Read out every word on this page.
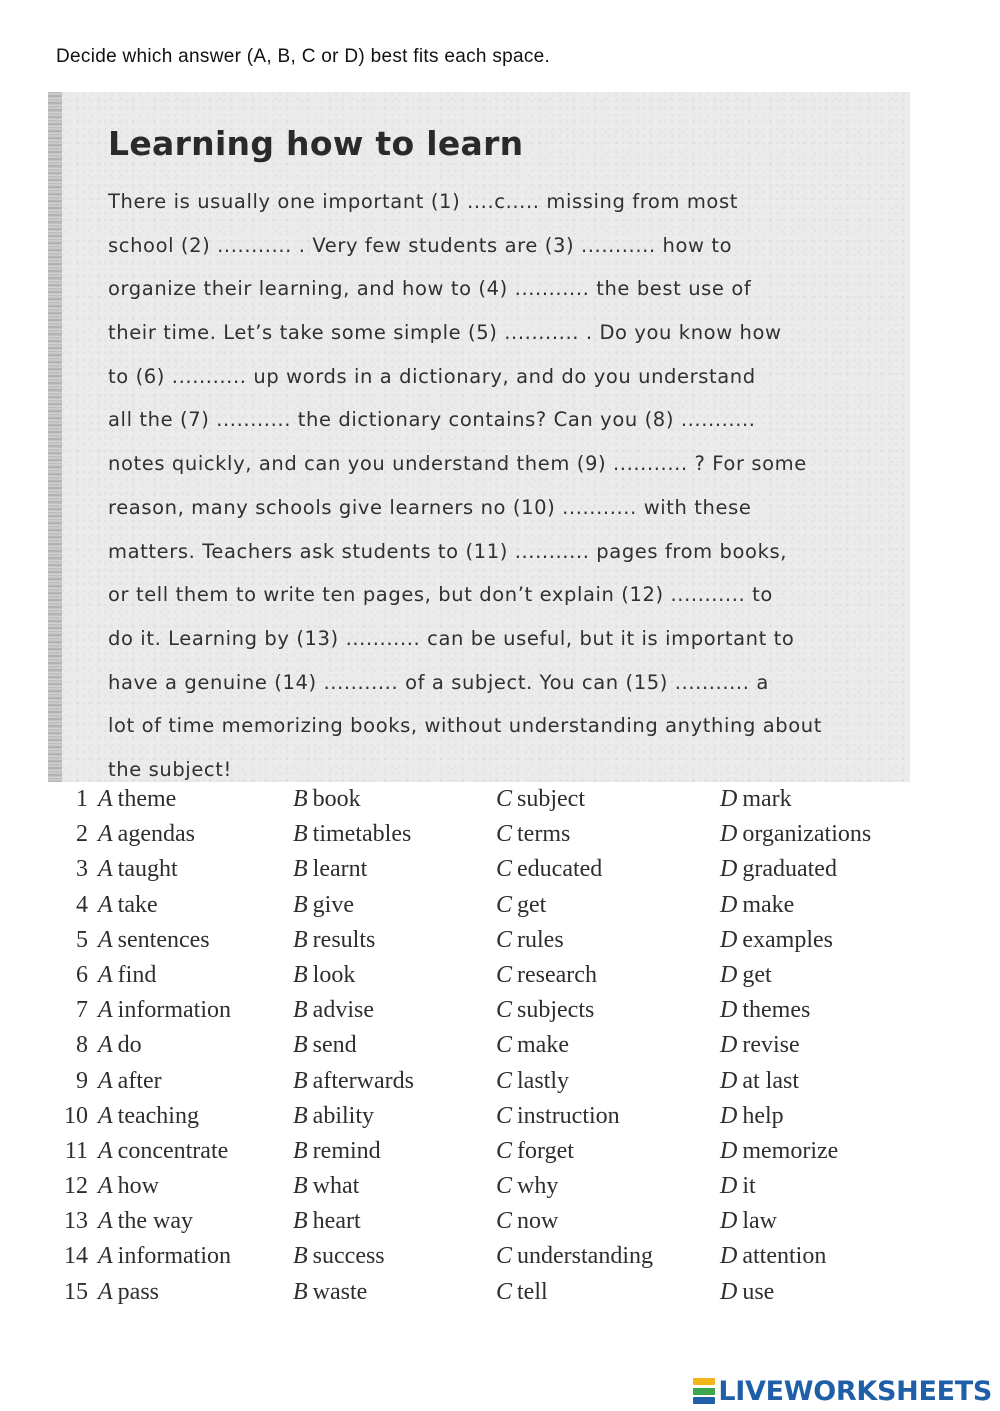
Decide which answer (A, B, C or D) best fits each space.
Learning how to learn
There is usually one important (1) ....c..... missing from most
school (2) ........... . Very few students are (3) ........... how to
organize their learning, and how to (4) ........... the best use of
their time. Let’s take some simple (5) ........... . Do you know how
to (6) ........... up words in a dictionary, and do you understand
all the (7) ........... the dictionary contains? Can you (8) ...........
notes quickly, and can you understand them (9) ........... ? For some
reason, many schools give learners no (10) ........... with these
matters. Teachers ask students to (11) ........... pages from books,
or tell them to write ten pages, but don’t explain (12) ........... to
do it. Learning by (13) ........... can be useful, but it is important to
have a genuine (14) ........... of a subject. You can (15) ........... a
lot of time memorizing books, without understanding anything about
the subject!
1 A theme	B book	C subject	D mark
2 A agendas	B timetables	C terms	D organizations
3 A taught	B learnt	C educated	D graduated
4 A take	B give	C get	D make
5 A sentences	B results	C rules	D examples
6 A find	B look	C research	D get
7 A information	B advise	C subjects	D themes
8 A do	B send	C make	D revise
9 A after	B afterwards	C lastly	D at last
10 A teaching	B ability	C instruction	D help
11 A concentrate	B remind	C forget	D memorize
12 A how	B what	C why	D it
13 A the way	B heart	C now	D law
14 A information	B success	C understanding	D attention
15 A pass	B waste	C tell	D use
LIVEWORKSHEETS
